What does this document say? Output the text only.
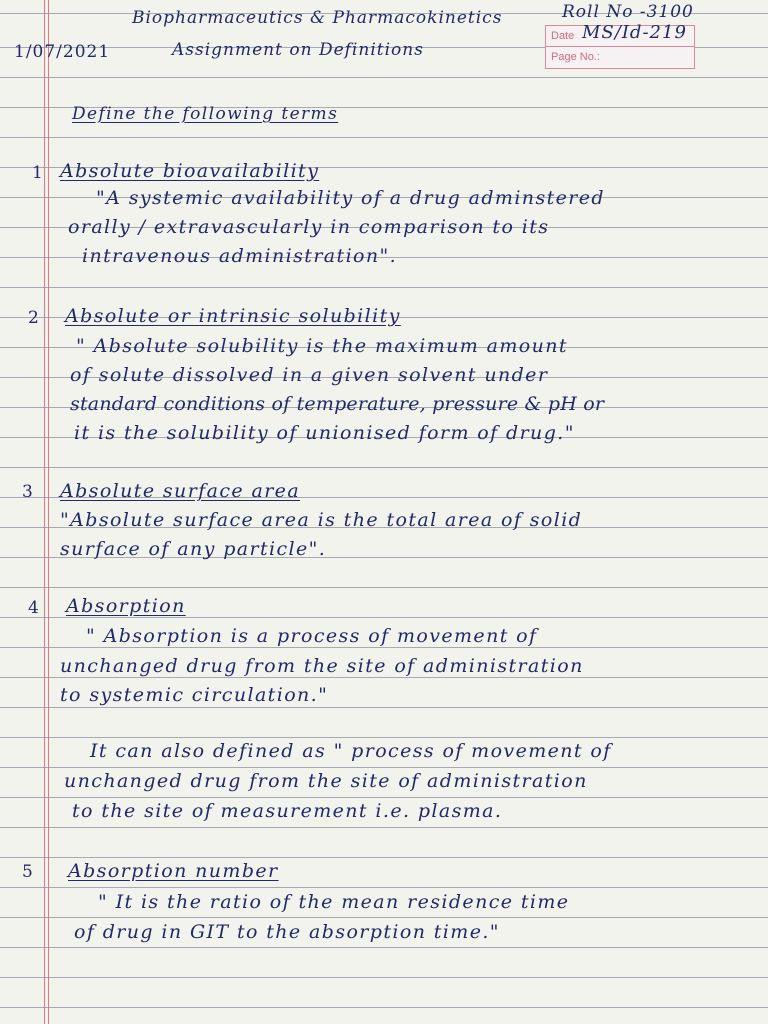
Biopharmaceutics & Pharmacokinetics
Assignment on Definitions
1/07/2021
Roll No -3100
Date
Page No.:
MS/Id-219
Define the following terms
1 Absolute bioavailability
"A systemic availability of a drug adminstered
orally / extravascularly in comparison to its
intravenous administration".
2 Absolute or intrinsic solubility
" Absolute solubility is the maximum amount
of solute dissolved in a given solvent under
standard conditions of temperature, pressure & pH or
it is the solubility of unionised form of drug."
3 Absolute surface area
"Absolute surface area is the total area of solid
surface of any particle".
4 Absorption
" Absorption is a process of movement of
unchanged drug from the site of administration
to systemic circulation."
It can also defined as " process of movement of
unchanged drug from the site of administration
to the site of measurement i.e. plasma.
5 Absorption number
" It is the ratio of the mean residence time
of drug in GIT to the absorption time."
